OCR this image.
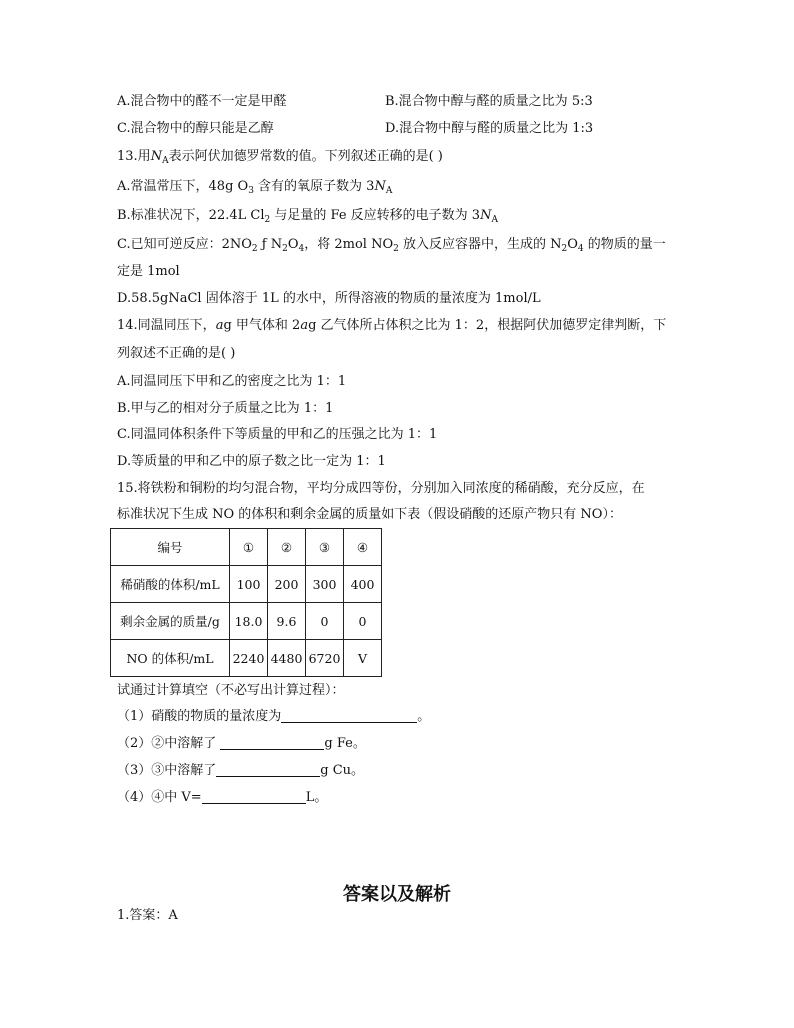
A.混合物中的醛不一定是甲醛	B.混合物中醇与醛的质量之比为 5:3
C.混合物中的醇只能是乙醇	D.混合物中醇与醛的质量之比为 1:3
13.用$N_A$表示阿伏加德罗常数的值。下列叙述正确的是( )
A.常温常压下，48g $O_3$ 含有的氧原子数为 $3N_A$
B.标准状况下，22.4L $Cl_2$ 与足量的 Fe 反应转移的电子数为 $3N_A$
C.已知可逆反应：$2NO_2$ ƒ $N_2O_4$，将 2mol $NO_2$ 放入反应容器中，生成的 $N_2O_4$ 的物质的量一
定是 1mol
D.58.5gNaCl 固体溶于 1L 的水中，所得溶液的物质的量浓度为 1mol/L
14.同温同压下，ag 甲气体和 2ag 乙气体所占体积之比为 1：2，根据阿伏加德罗定律判断，下
列叙述不正确的是( )
A.同温同压下甲和乙的密度之比为 1：1
B.甲与乙的相对分子质量之比为 1：1
C.同温同体积条件下等质量的甲和乙的压强之比为 1：1
D.等质量的甲和乙中的原子数之比一定为 1：1
15.将铁粉和铜粉的均匀混合物，平均分成四等份，分别加入同浓度的稀硝酸，充分反应，在
标准状况下生成 NO 的体积和剩余金属的质量如下表（假设硝酸的还原产物只有 NO）：
编号	①	②	③	④
稀硝酸的体积/mL	100	200	300	400
剩余金属的质量/g	18.0	9.6	0	0
NO 的体积/mL	2240	4480	6720	V
试通过计算填空（不必写出计算过程）：
（1）硝酸的物质的量浓度为	。
（2）②中溶解了	g Fe。
（3）③中溶解了	g Cu。
（4）④中 V=	L。
答案以及解析
1.答案：A
